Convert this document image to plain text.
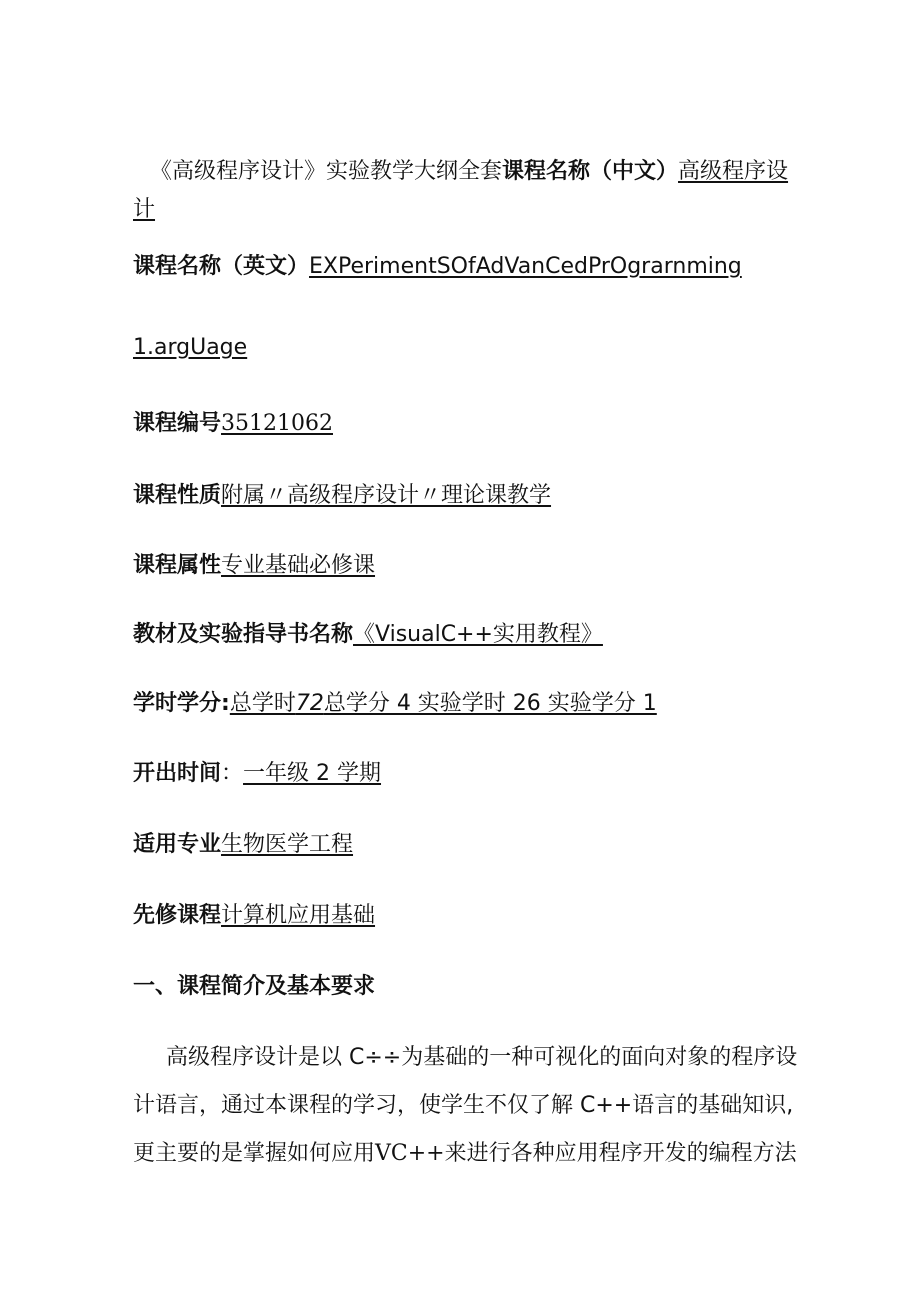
《高级程序设计》实验教学大纲全套课程名称（中文）高级程序设
计
课程名称（英文）EXPerimentSOfAdVanCedPrOgrarnming
1.argUage
课程编号35121062
课程性质附属〃高级程序设计〃理论课教学
课程属性专业基础必修课
教材及实验指导书名称《VisualC++实用教程》
学时学分:总学时72总学分 4 实验学时 26 实验学分 1
开出时间：一年级 2 学期
适用专业生物医学工程
先修课程计算机应用基础
一、课程简介及基本要求
高级程序设计是以 C÷÷为基础的一种可视化的面向对象的程序设
计语言，通过本课程的学习，使学生不仅了解 C++语言的基础知识,
更主要的是掌握如何应用VC++来进行各种应用程序开发的编程方法
